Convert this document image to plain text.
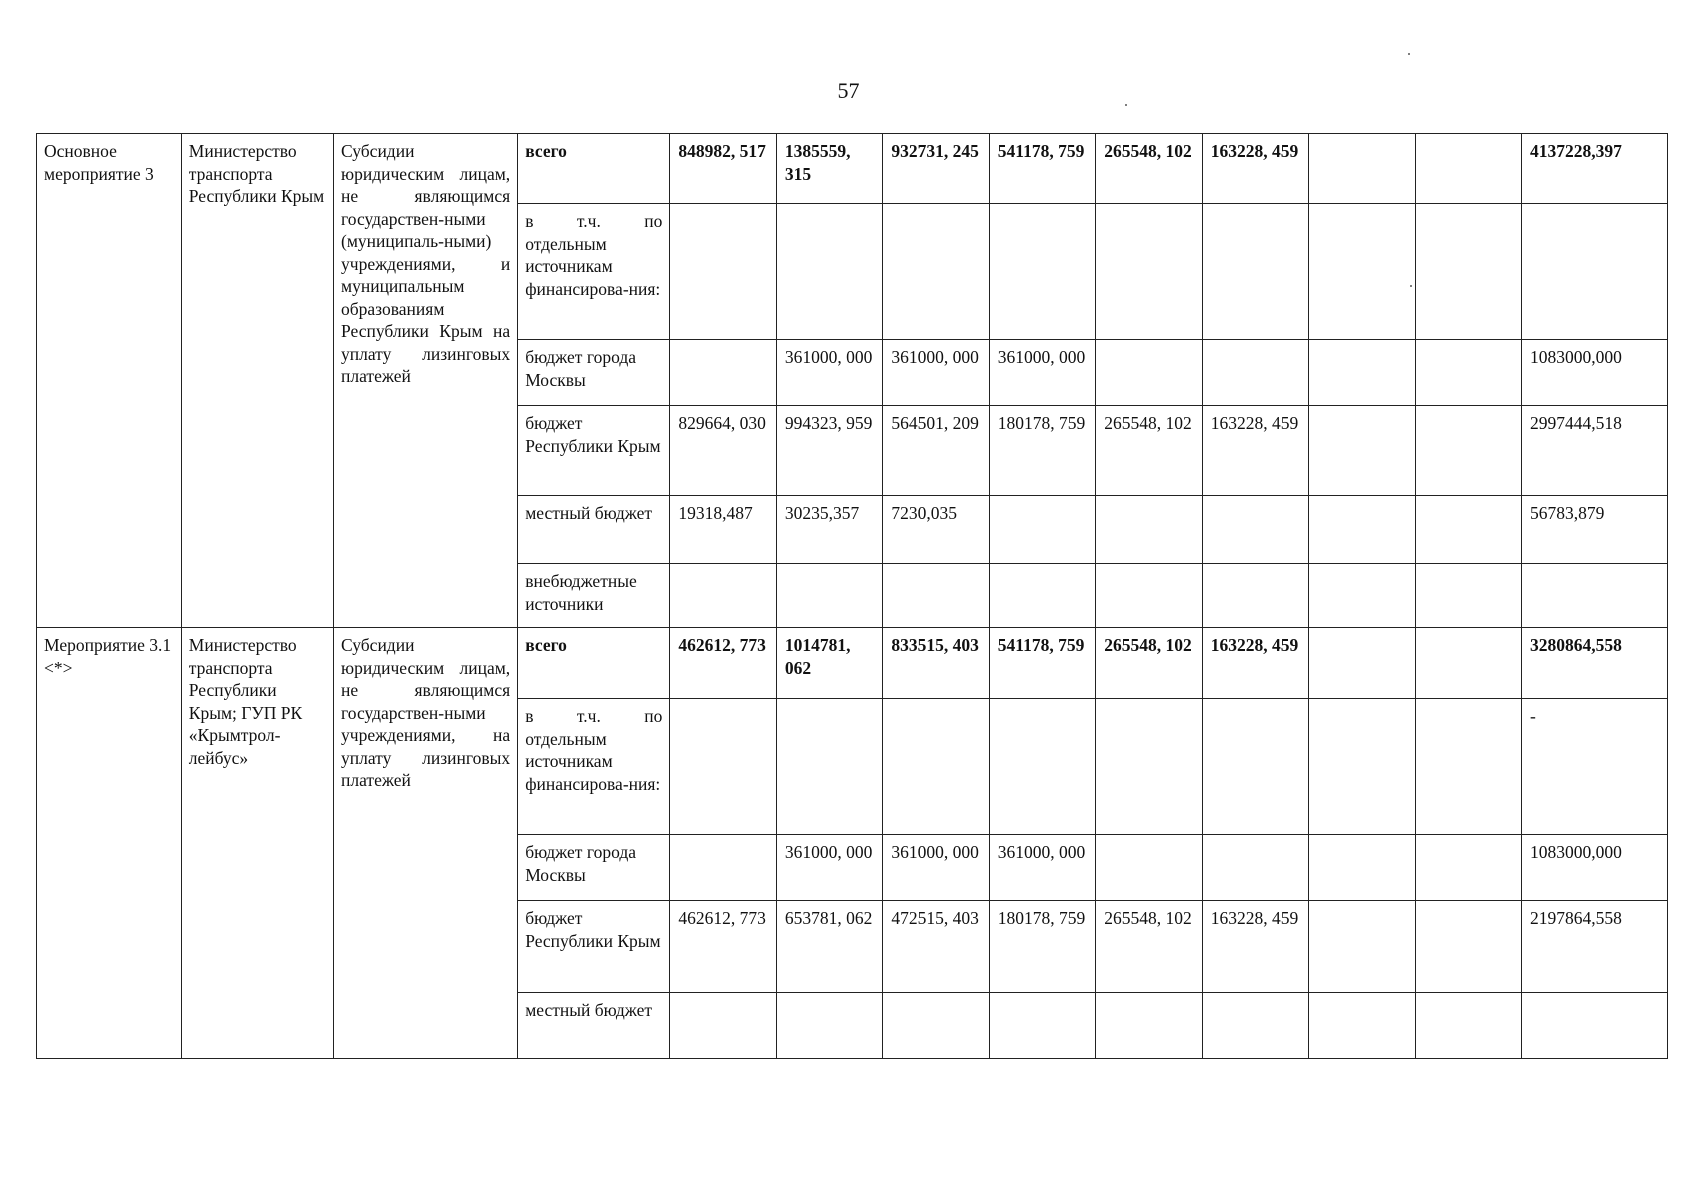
57
Основное мероприятие 3	Министерство транспорта Республики Крым	Субсидии юридическим лицам, не являющимся государствен-ными (муниципаль-ными) учреждениями, и муниципальным образованиям Республики Крым на уплату лизинговых платежей	всего	848982, 517	1385559, 315	932731, 245	541178, 759	265548, 102	163228, 459			4137228,397
			в т.ч. по отдельным источникам финансирова-ния:									
			бюджет города Москвы		361000, 000	361000, 000	361000, 000					1083000,000
			бюджет Республики Крым	829664, 030	994323, 959	564501, 209	180178, 759	265548, 102	163228, 459			2997444,518
			местный бюджет	19318,487	30235,357	7230,035						56783,879
			внебюджетные источники									
Мероприятие 3.1 <*>	Министерство транспорта Республики Крым; ГУП РК «Крымтрол-лейбус»	Субсидии юридическим лицам, не являющимся государствен-ными учреждениями, на уплату лизинговых платежей	всего	462612, 773	1014781, 062	833515, 403	541178, 759	265548, 102	163228, 459			3280864,558
			в т.ч. по отдельным источникам финансирова-ния:									-
			бюджет города Москвы		361000, 000	361000, 000	361000, 000					1083000,000
			бюджет Республики Крым	462612, 773	653781, 062	472515, 403	180178, 759	265548, 102	163228, 459			2197864,558
			местный бюджет									
